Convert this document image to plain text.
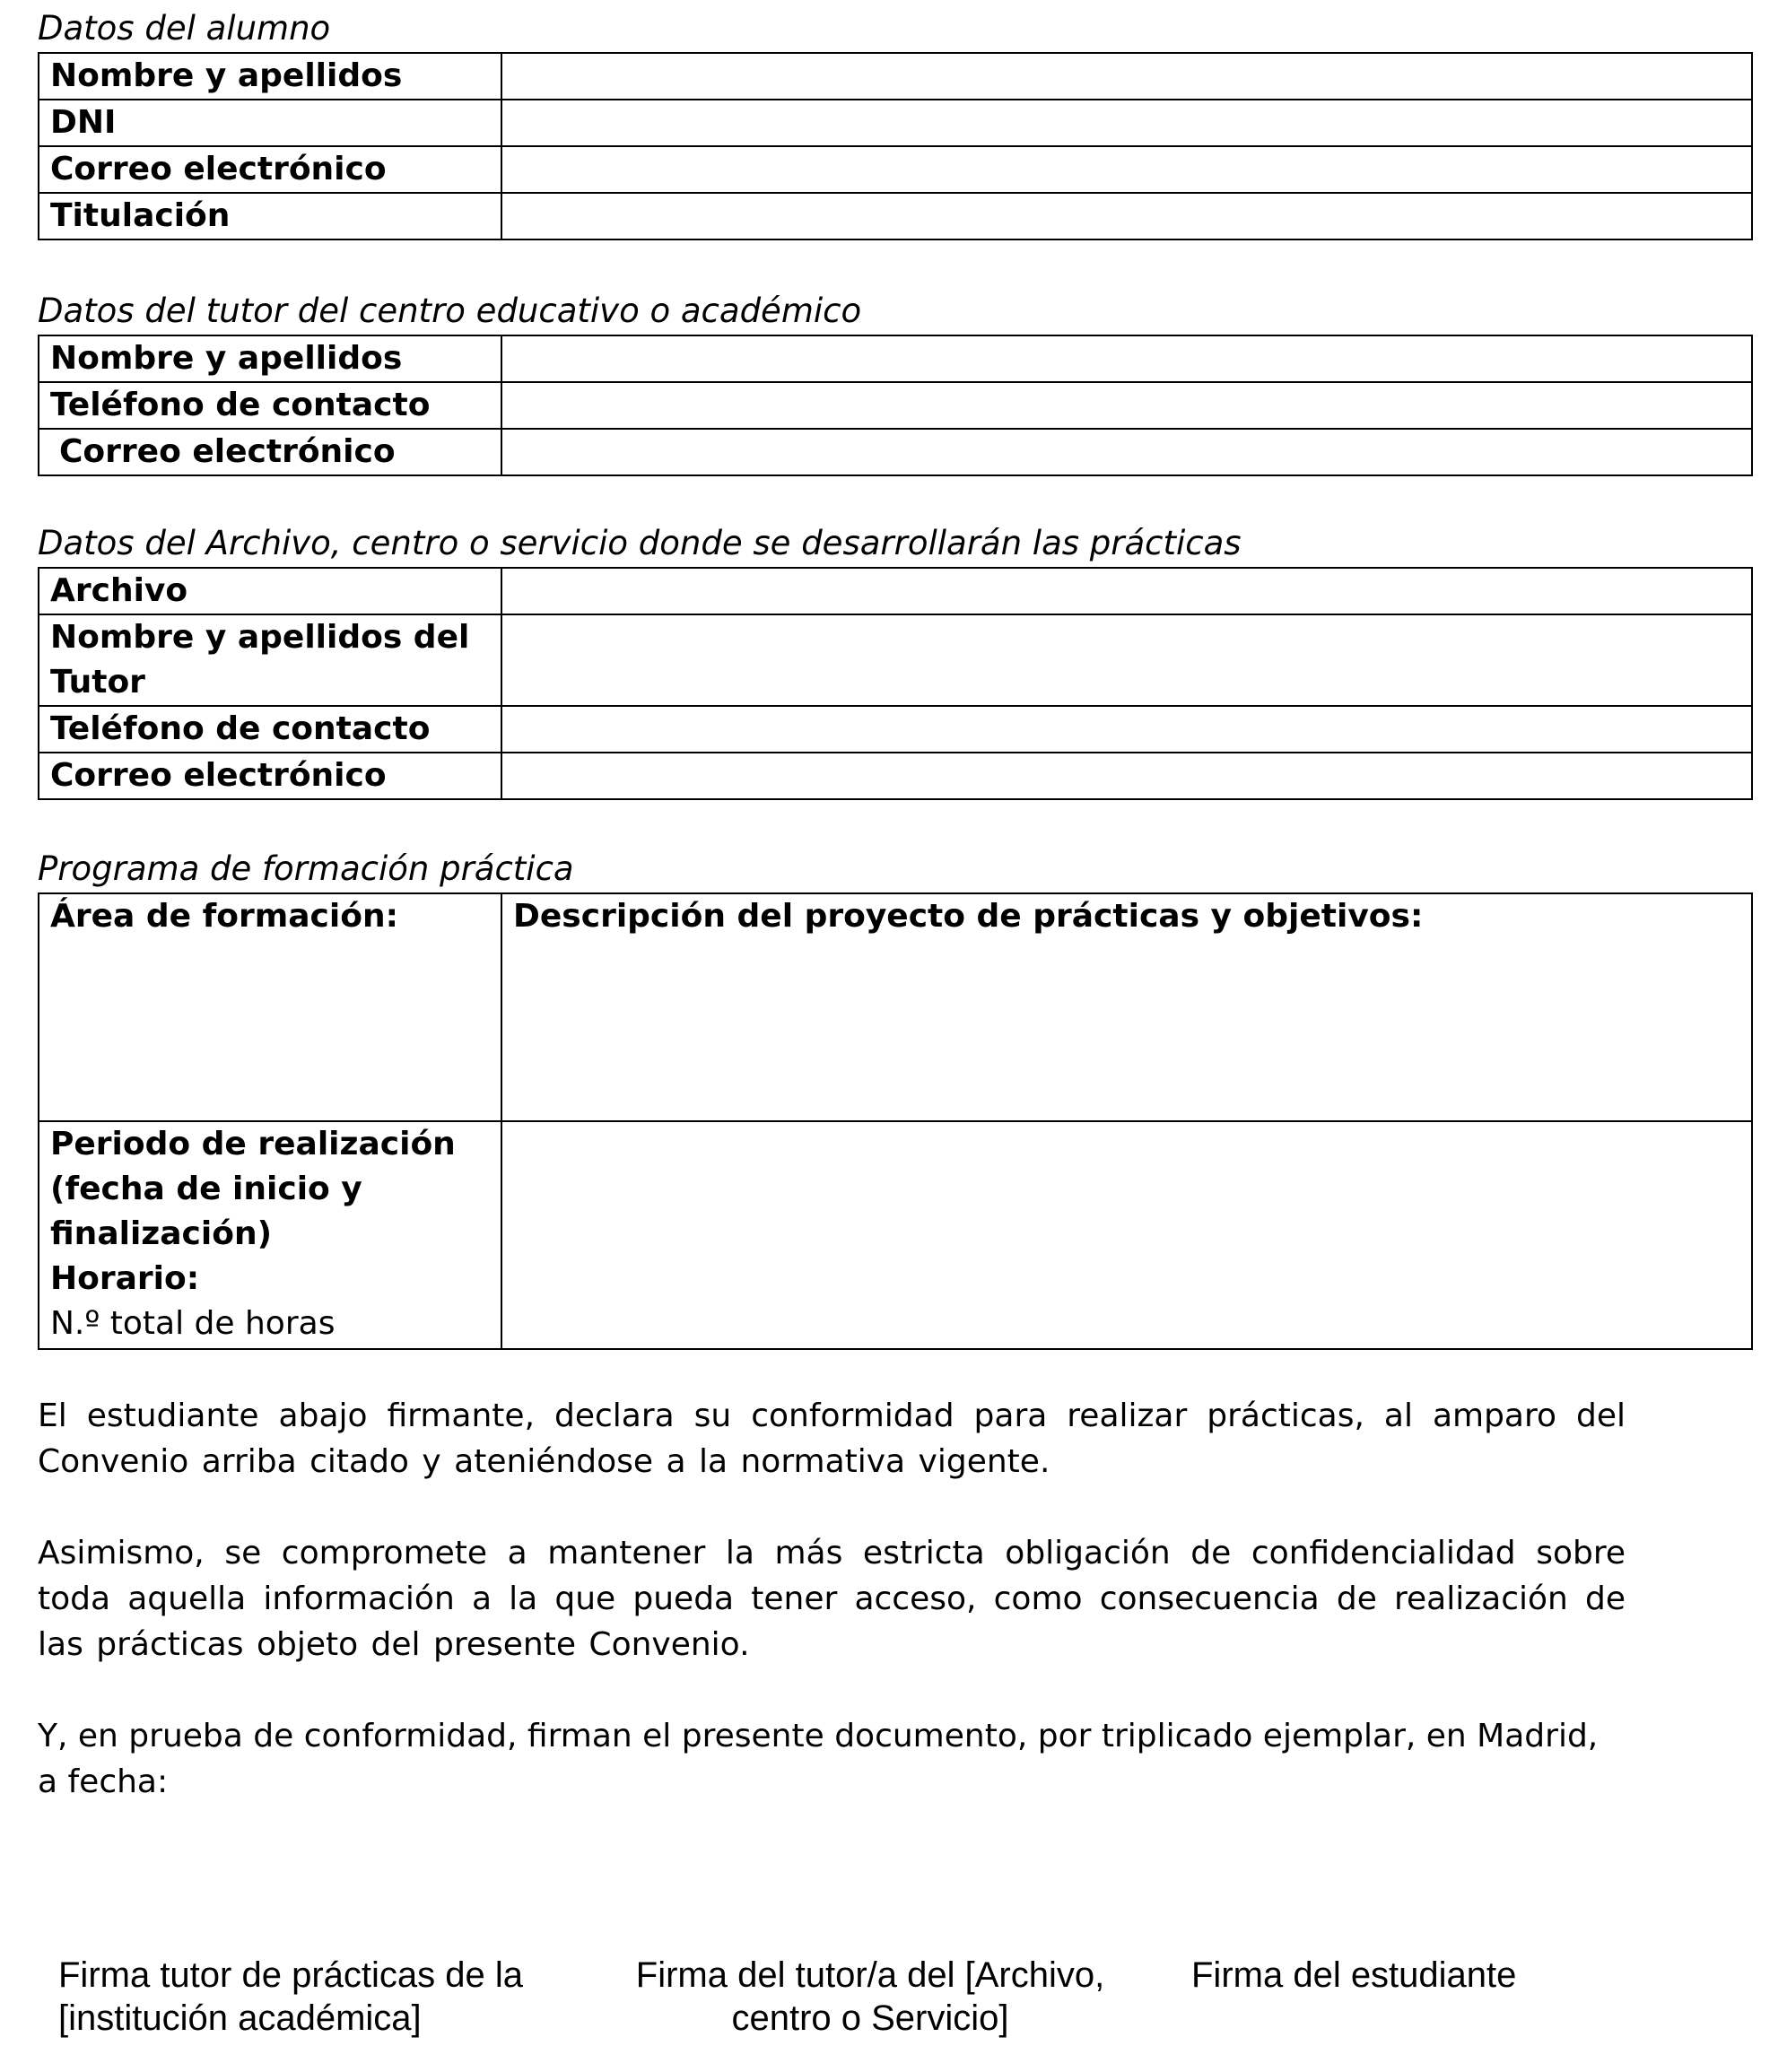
Datos del alumno

Nombre y apellidos	
DNI	
Correo electrónico	
Titulación	

Datos del tutor del centro educativo o académico

Nombre y apellidos	
Teléfono de contacto	
Correo electrónico	

Datos del Archivo, centro o servicio donde se desarrollarán las prácticas

Archivo	
Nombre y apellidos del Tutor	
Teléfono de contacto	
Correo electrónico	

Programa de formación práctica

Área de formación:	Descripción del proyecto de prácticas y objetivos:

Periodo de realización (fecha de inicio y finalización)
Horario:
N.º total de horas	

El estudiante abajo firmante, declara su conformidad para realizar prácticas, al amparo del Convenio arriba citado y ateniéndose a la normativa vigente.

Asimismo, se compromete a mantener la más estricta obligación de confidencialidad sobre toda aquella información a la que pueda tener acceso, como consecuencia de realización de las prácticas objeto del presente Convenio.

Y, en prueba de conformidad, firman el presente documento, por triplicado ejemplar, en Madrid, a fecha:

Firma tutor de prácticas de la
[institución académica]
Firma del tutor/a del [Archivo,
centro o Servicio]
Firma del estudiante
